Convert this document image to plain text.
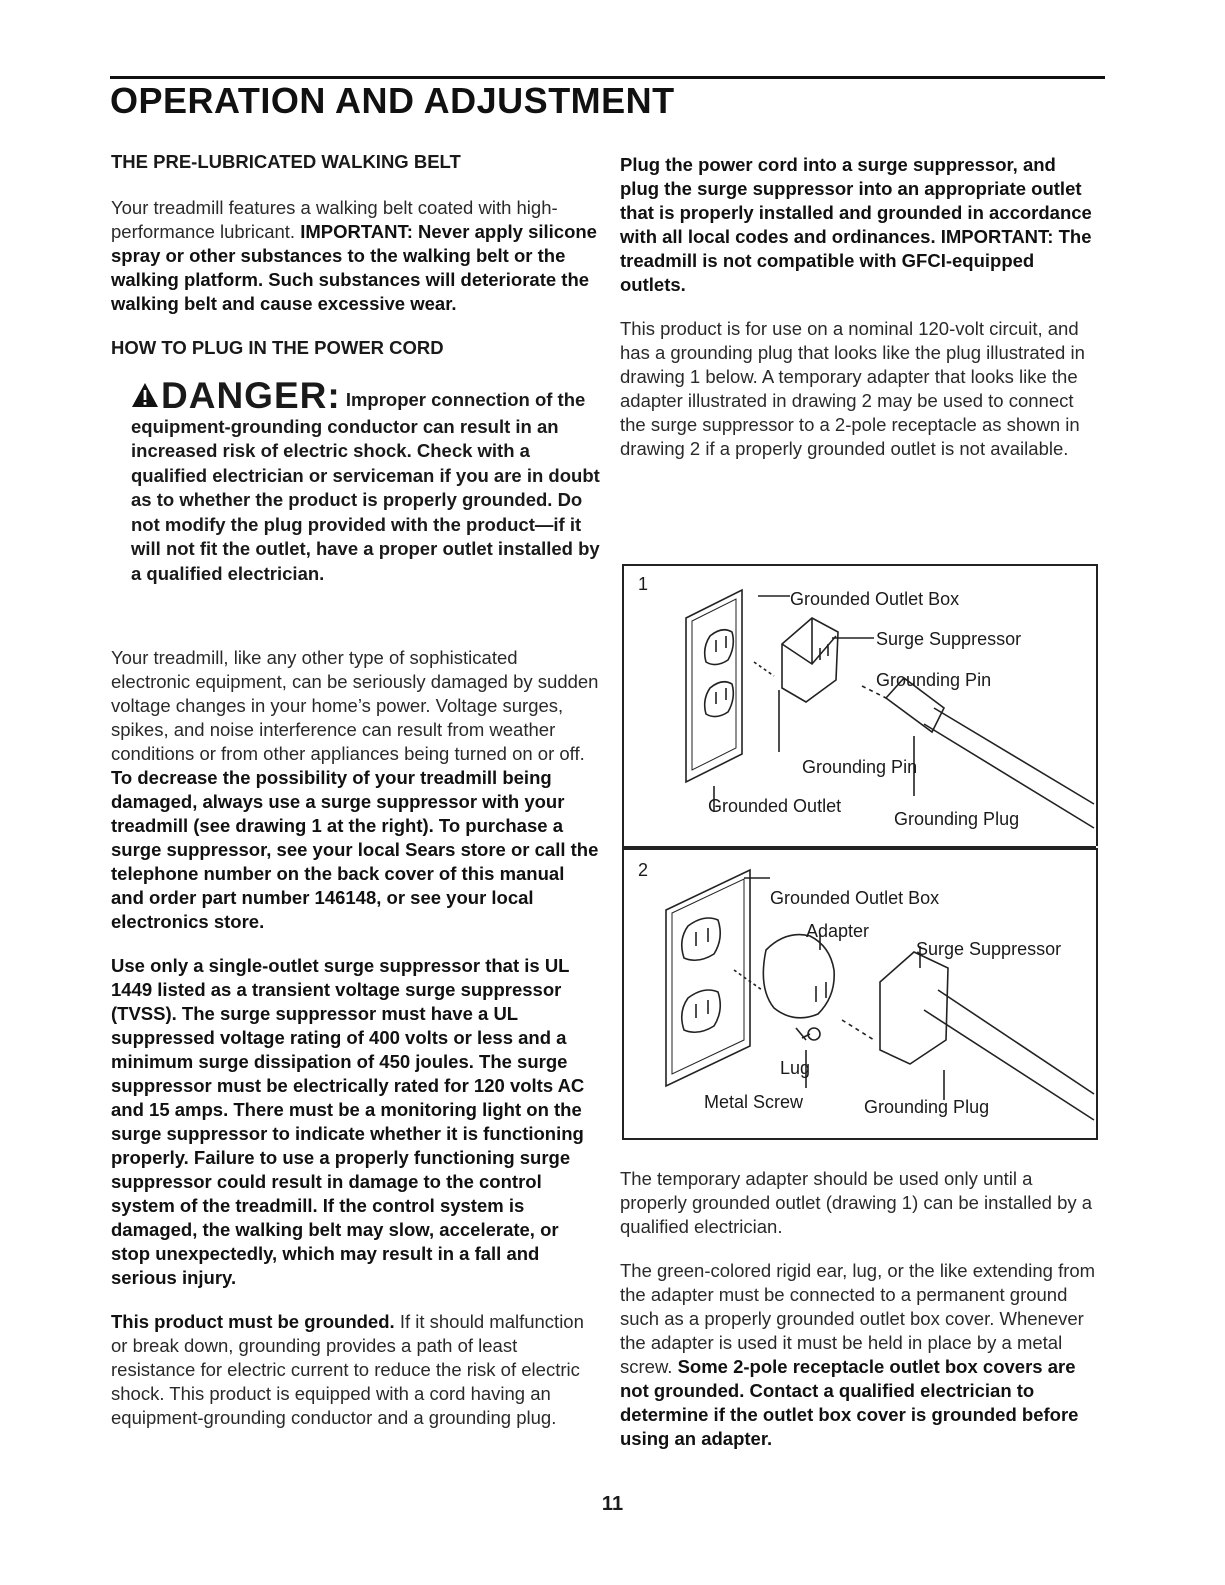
OPERATION AND ADJUSTMENT
THE PRE-LUBRICATED WALKING BELT

Your treadmill features a walking belt coated with high-performance lubricant. IMPORTANT: Never apply silicone spray or other substances to the walking belt or the walking platform. Such substances will deteriorate the walking belt and cause excessive wear.

HOW TO PLUG IN THE POWER CORD
DANGER: Improper connection of the equipment-grounding conductor can result in an increased risk of electric shock. Check with a qualified electrician or serviceman if you are in doubt as to whether the product is properly grounded. Do not modify the plug provided with the product—if it will not fit the outlet, have a proper outlet installed by a qualified electrician.

Your treadmill, like any other type of sophisticated electronic equipment, can be seriously damaged by sudden voltage changes in your home’s power. Voltage surges, spikes, and noise interference can result from weather conditions or from other appliances being turned on or off. To decrease the possibility of your treadmill being damaged, always use a surge suppressor with your treadmill (see drawing 1 at the right). To purchase a surge suppressor, see your local Sears store or call the telephone number on the back cover of this manual and order part number 146148, or see your local electronics store.

Use only a single-outlet surge suppressor that is UL 1449 listed as a transient voltage surge suppressor (TVSS). The surge suppressor must have a UL suppressed voltage rating of 400 volts or less and a minimum surge dissipation of 450 joules. The surge suppressor must be electrically rated for 120 volts AC and 15 amps. There must be a monitoring light on the surge suppressor to indicate whether it is functioning properly. Failure to use a properly functioning surge suppressor could result in damage to the control system of the treadmill. If the control system is damaged, the walking belt may slow, accelerate, or stop unexpectedly, which may result in a fall and serious injury.

This product must be grounded. If it should malfunction or break down, grounding provides a path of least resistance for electric current to reduce the risk of electric shock. This product is equipped with a cord having an equipment-grounding conductor and a grounding plug.

Plug the power cord into a surge suppressor, and plug the surge suppressor into an appropriate outlet that is properly installed and grounded in accordance with all local codes and ordinances. IMPORTANT: The treadmill is not compatible with GFCI-equipped outlets.

This product is for use on a nominal 120-volt circuit, and has a grounding plug that looks like the plug illustrated in drawing 1 below. A temporary adapter that looks like the adapter illustrated in drawing 2 may be used to connect the surge suppressor to a 2-pole receptacle as shown in drawing 2 if a properly grounded outlet is not available.

1
Grounded Outlet Box
Surge Suppressor
Grounding Pin
Grounding Pin
Grounded Outlet
Grounding Plug
2
Grounded Outlet Box
Adapter
Surge Suppressor
Lug
Metal Screw	Grounding Plug

The temporary adapter should be used only until a properly grounded outlet (drawing 1) can be installed by a qualified electrician.

The green-colored rigid ear, lug, or the like extending from the adapter must be connected to a permanent ground such as a properly grounded outlet box cover. Whenever the adapter is used it must be held in place by a metal screw. Some 2-pole receptacle outlet box covers are not grounded. Contact a qualified electrician to determine if the outlet box cover is grounded before using an adapter.

11
